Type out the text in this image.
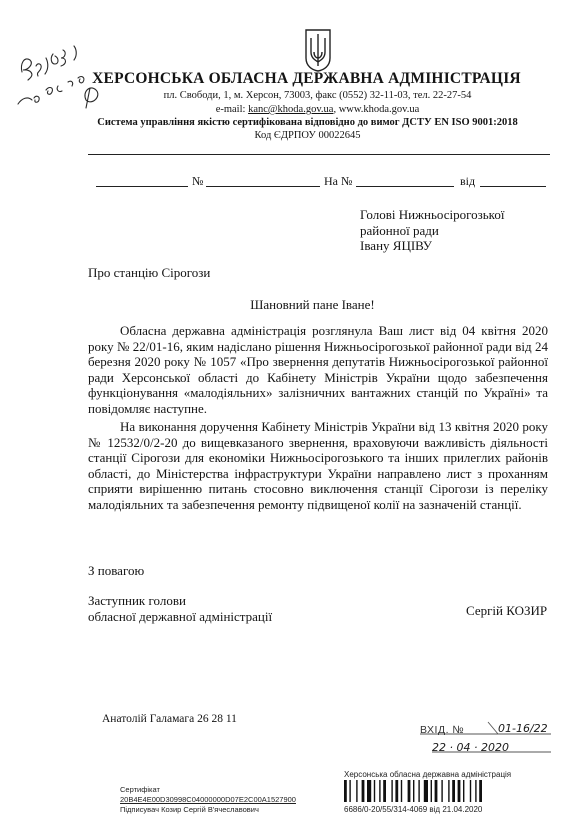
ХЕРСОНСЬКА ОБЛАСНА ДЕРЖАВНА АДМІНІСТРАЦІЯ
пл. Свободи, 1, м. Херсон, 73003, факс (0552) 32-11-03, тел. 22-27-54
e-mail: kanc@khoda.gov.ua, www.khoda.gov.ua
Система управління якістю сертифікована відповідно до вимог ДСТУ EN ISO 9001:2018
Код ЄДРПОУ 00022645
№	На №	від
Голові Нижньосірогозької
районної ради
Івану ЯЦІВУ
Про станцію Сірогози
Шановний пане Іване!
Обласна державна адміністрація розглянула Ваш лист від 04 квітня 2020 року № 22/01-16, яким надіслано рішення Нижньосірогозької районної ради від 24 березня 2020 року № 1057 «Про звернення депутатів Нижньосірогозької районної ради Херсонської області до Кабінету Міністрів України щодо забезпечення функціонування «малодіяльних» залізничних вантажних станцій по Україні» та повідомляє наступне.
На виконання доручення Кабінету Міністрів України від 13 квітня 2020 року № 12532/0/2-20 до вищевказаного звернення, враховуючи важливість діяльності станції Сірогози для економіки Нижньосірогозького та інших прилеглих районів області, до Міністерства інфраструктури України направлено лист з проханням сприяти вирішенню питань стосовно виключення станції Сірогози із переліку малодіяльних та забезпечення ремонту підвищеної колії на зазначеній станції.
З повагою
Заступник голови
обласної державної адміністрації	Сергій КОЗИР
Анатолій Галамага 26 28 11
ВХІД. №	01-16/22
22 · 04 · 2020
Сертифікат
20B4E4E00D30998C04000000D07E2C00A1527900
Підписувач Козир Сергій В'ячеславович
Херсонська обласна державна адміністрація
6686/0-20/55/314-4069 від 21.04.2020
